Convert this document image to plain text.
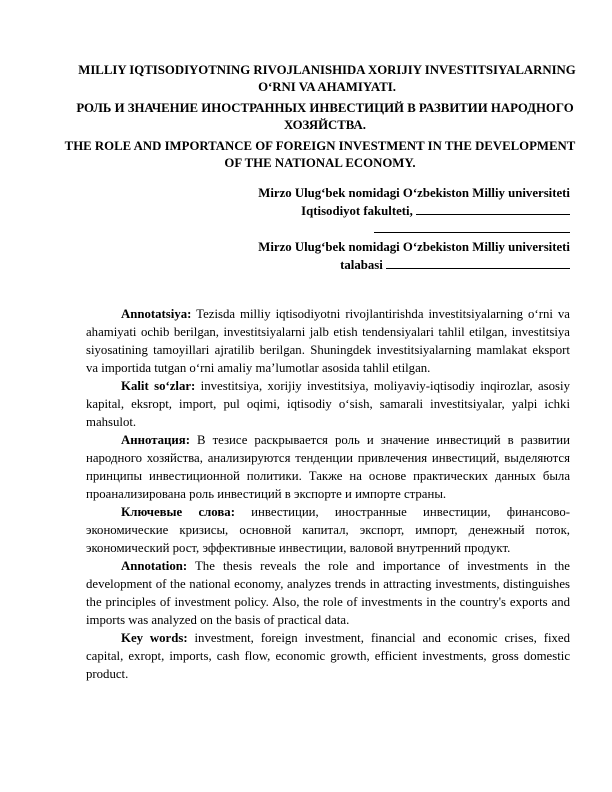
MILLIY IQTISODIYOTNING RIVOJLANISHIDA XORIJIY INVESTITSIYALARNING O‘RNI VA AHAMIYATI.

РОЛЬ И ЗНАЧЕНИЕ ИНОСТРАННЫХ ИНВЕСТИЦИЙ В РАЗВИТИИ НАРОДНОГО ХОЗЯЙСТВА.

THE ROLE AND IMPORTANCE OF FOREIGN INVESTMENT IN THE DEVELOPMENT OF THE NATIONAL ECONOMY.

Mirzo Ulug‘bek nomidagi O‘zbekiston Milliy universiteti
Iqtisodiyot fakulteti,
Mirzo Ulug‘bek nomidagi O‘zbekiston Milliy universiteti
talabasi

Annotatsiya: Tezisda milliy iqtisodiyotni rivojlantirishda investitsiyalarning o‘rni va ahamiyati ochib berilgan, investitsiyalarni jalb etish tendensiyalari tahlil etilgan, investitsiya siyosatining tamoyillari ajratilib berilgan. Shuningdek investitsiyalarning mamlakat eksport va importida tutgan o‘rni amaliy ma’lumotlar asosida tahlil etilgan.

Kalit so‘zlar: investitsiya, xorijiy investitsiya, moliyaviy-iqtisodiy inqirozlar, asosiy kapital, eksropt, import, pul oqimi, iqtisodiy o‘sish, samarali investitsiyalar, yalpi ichki mahsulot.

Аннотация: В тезисе раскрывается роль и значение инвестиций в развитии народного хозяйства, анализируются тенденции привлечения инвестиций, выделяются принципы инвестиционной политики. Также на основе практических данных была проанализирована роль инвестиций в экспорте и импорте страны.

Ключевые слова: инвестиции, иностранные инвестиции, финансово-экономические кризисы, основной капитал, экспорт, импорт, денежный поток, экономический рост, эффективные инвестиции, валовой внутренний продукт.

Annotation: The thesis reveals the role and importance of investments in the development of the national economy, analyzes trends in attracting investments, distinguishes the principles of investment policy. Also, the role of investments in the country's exports and imports was analyzed on the basis of practical data.

Key words: investment, foreign investment, financial and economic crises, fixed capital, exropt, imports, cash flow, economic growth, efficient investments, gross domestic product.
